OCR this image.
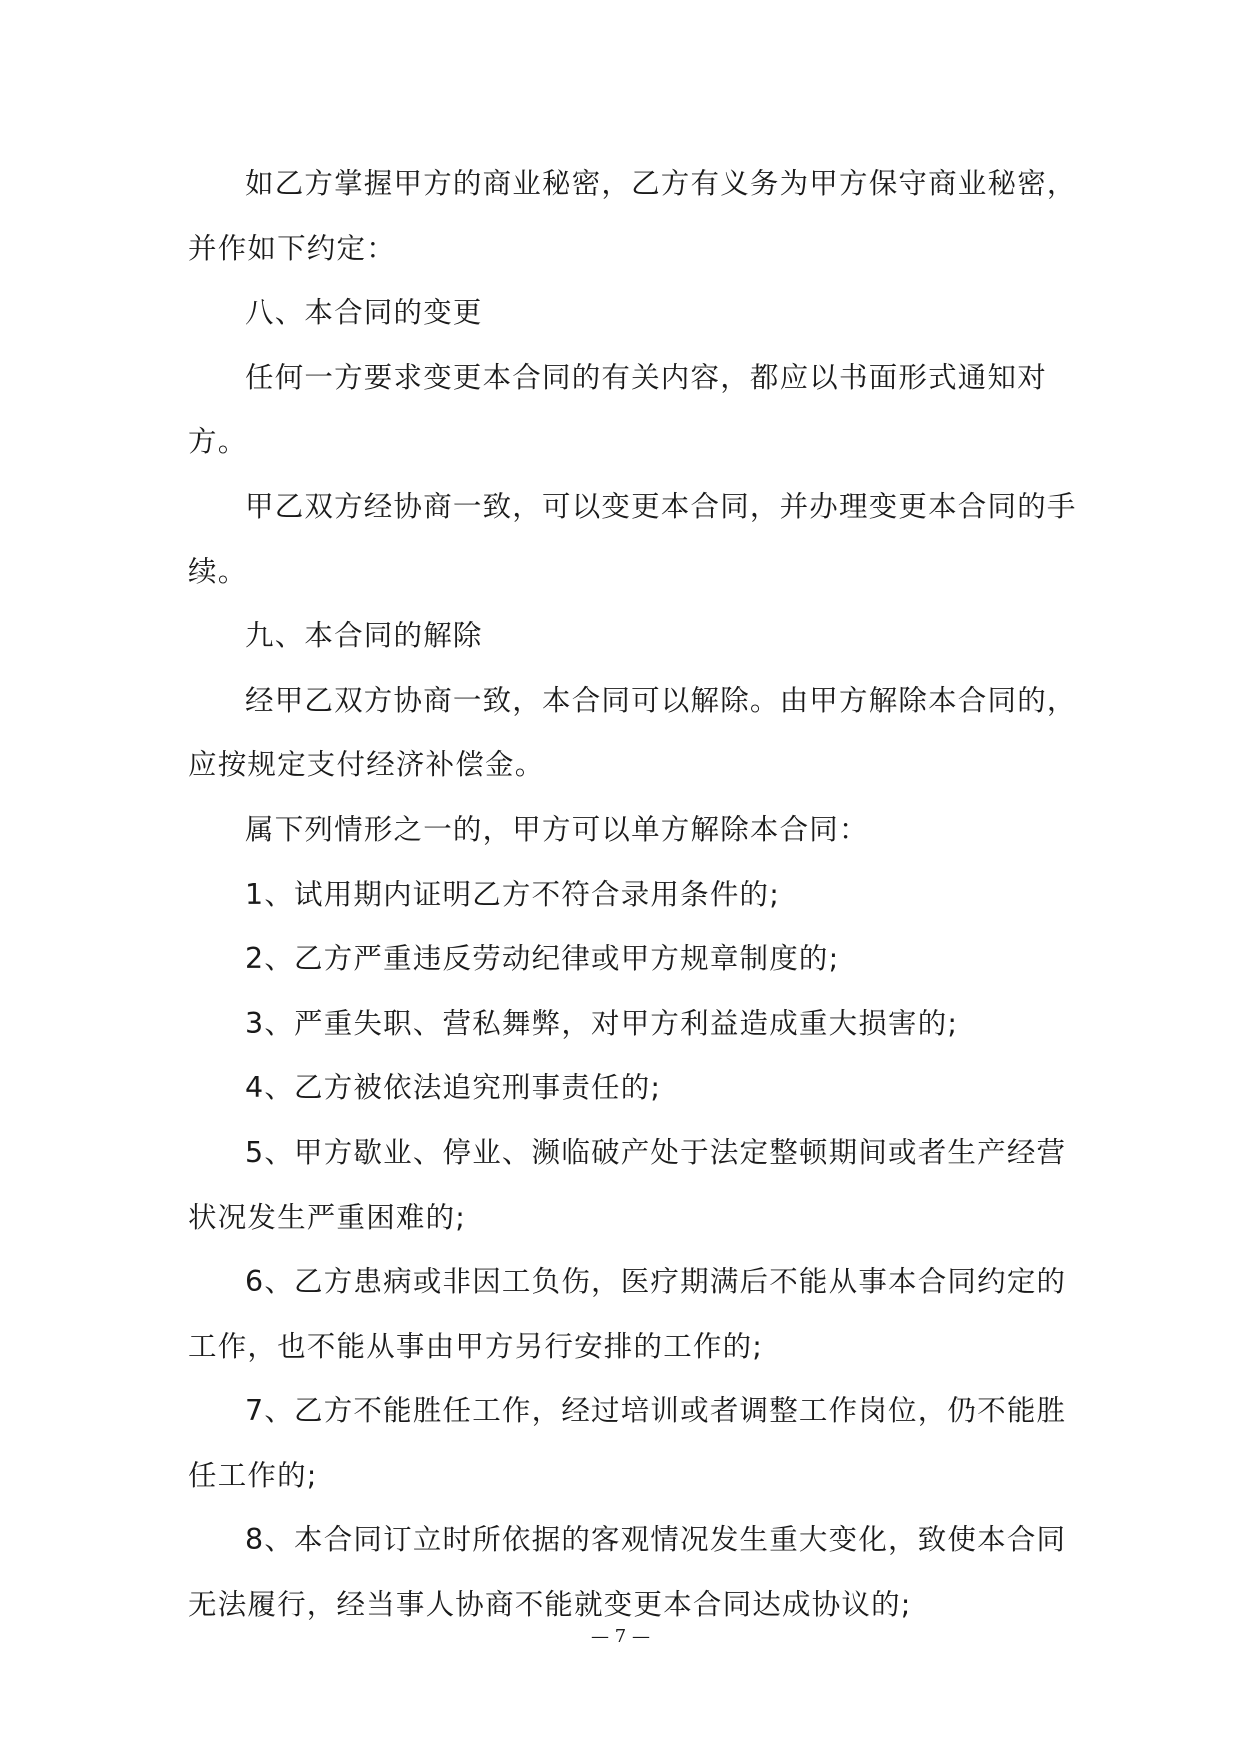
如乙方掌握甲方的商业秘密，乙方有义务为甲方保守商业秘密，并作如下约定：

八、本合同的变更

任何一方要求变更本合同的有关内容，都应以书面形式通知对方。

甲乙双方经协商一致，可以变更本合同，并办理变更本合同的手续。

九、本合同的解除

经甲乙双方协商一致，本合同可以解除。由甲方解除本合同的，应按规定支付经济补偿金。

属下列情形之一的，甲方可以单方解除本合同：

1、试用期内证明乙方不符合录用条件的;

2、乙方严重违反劳动纪律或甲方规章制度的;

3、严重失职、营私舞弊，对甲方利益造成重大损害的;

4、乙方被依法追究刑事责任的;

5、甲方歇业、停业、濒临破产处于法定整顿期间或者生产经营状况发生严重困难的;

6、乙方患病或非因工负伤，医疗期满后不能从事本合同约定的工作，也不能从事由甲方另行安排的工作的;

7、乙方不能胜任工作，经过培训或者调整工作岗位，仍不能胜任工作的;

8、本合同订立时所依据的客观情况发生重大变化，致使本合同无法履行，经当事人协商不能就变更本合同达成协议的;

— 7 —
